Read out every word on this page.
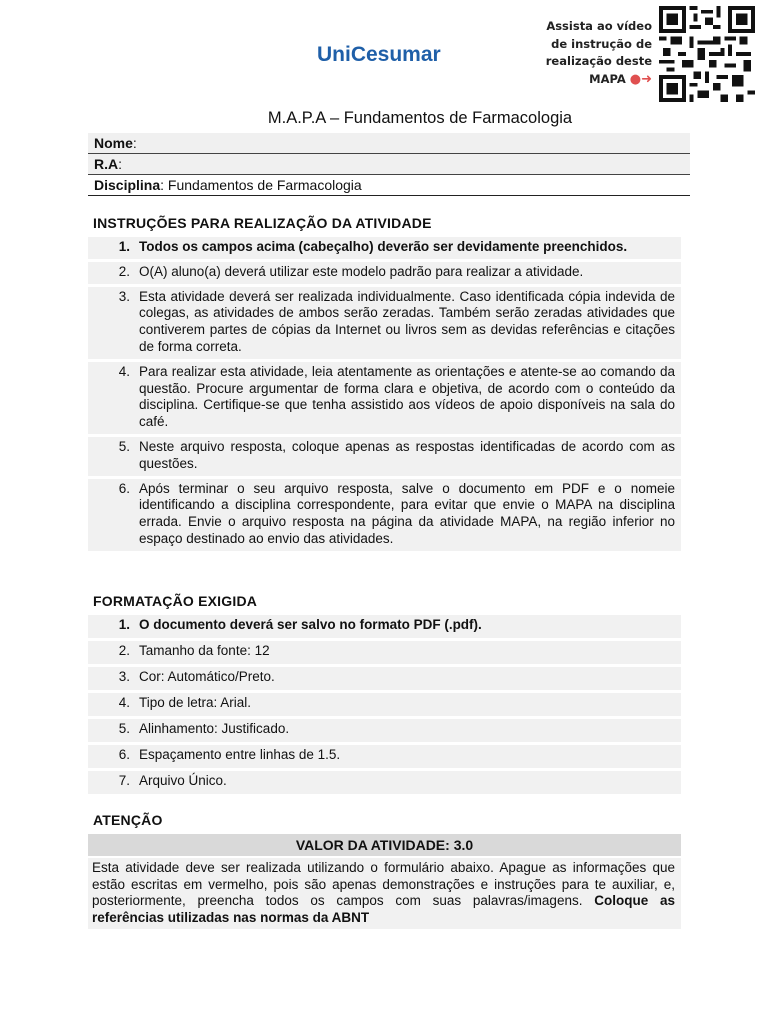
UniCesumar
Assista ao vídeo
de instrução de
realização deste
MAPA ●➜
M.A.P.A – Fundamentos de Farmacologia
Nome:
R.A:
Disciplina: Fundamentos de Farmacologia
INSTRUÇÕES PARA REALIZAÇÃO DA ATIVIDADE
1. Todos os campos acima (cabeçalho) deverão ser devidamente preenchidos.
2. O(A) aluno(a) deverá utilizar este modelo padrão para realizar a atividade.
3. Esta atividade deverá ser realizada individualmente. Caso identificada cópia indevida de colegas, as atividades de ambos serão zeradas. Também serão zeradas atividades que contiverem partes de cópias da Internet ou livros sem as devidas referências e citações de forma correta.
4. Para realizar esta atividade, leia atentamente as orientações e atente-se ao comando da questão. Procure argumentar de forma clara e objetiva, de acordo com o conteúdo da disciplina. Certifique-se que tenha assistido aos vídeos de apoio disponíveis na sala do café.
5. Neste arquivo resposta, coloque apenas as respostas identificadas de acordo com as questões.
6. Após terminar o seu arquivo resposta, salve o documento em PDF e o nomeie identificando a disciplina correspondente, para evitar que envie o MAPA na disciplina errada. Envie o arquivo resposta na página da atividade MAPA, na região inferior no espaço destinado ao envio das atividades.
FORMATAÇÃO EXIGIDA
1. O documento deverá ser salvo no formato PDF (.pdf).
2. Tamanho da fonte: 12
3. Cor: Automático/Preto.
4. Tipo de letra: Arial.
5. Alinhamento: Justificado.
6. Espaçamento entre linhas de 1.5.
7. Arquivo Único.
ATENÇÃO
VALOR DA ATIVIDADE: 3.0
Esta atividade deve ser realizada utilizando o formulário abaixo. Apague as informações que estão escritas em vermelho, pois são apenas demonstrações e instruções para te auxiliar, e, posteriormente, preencha todos os campos com suas palavras/imagens. Coloque as referências utilizadas nas normas da ABNT
